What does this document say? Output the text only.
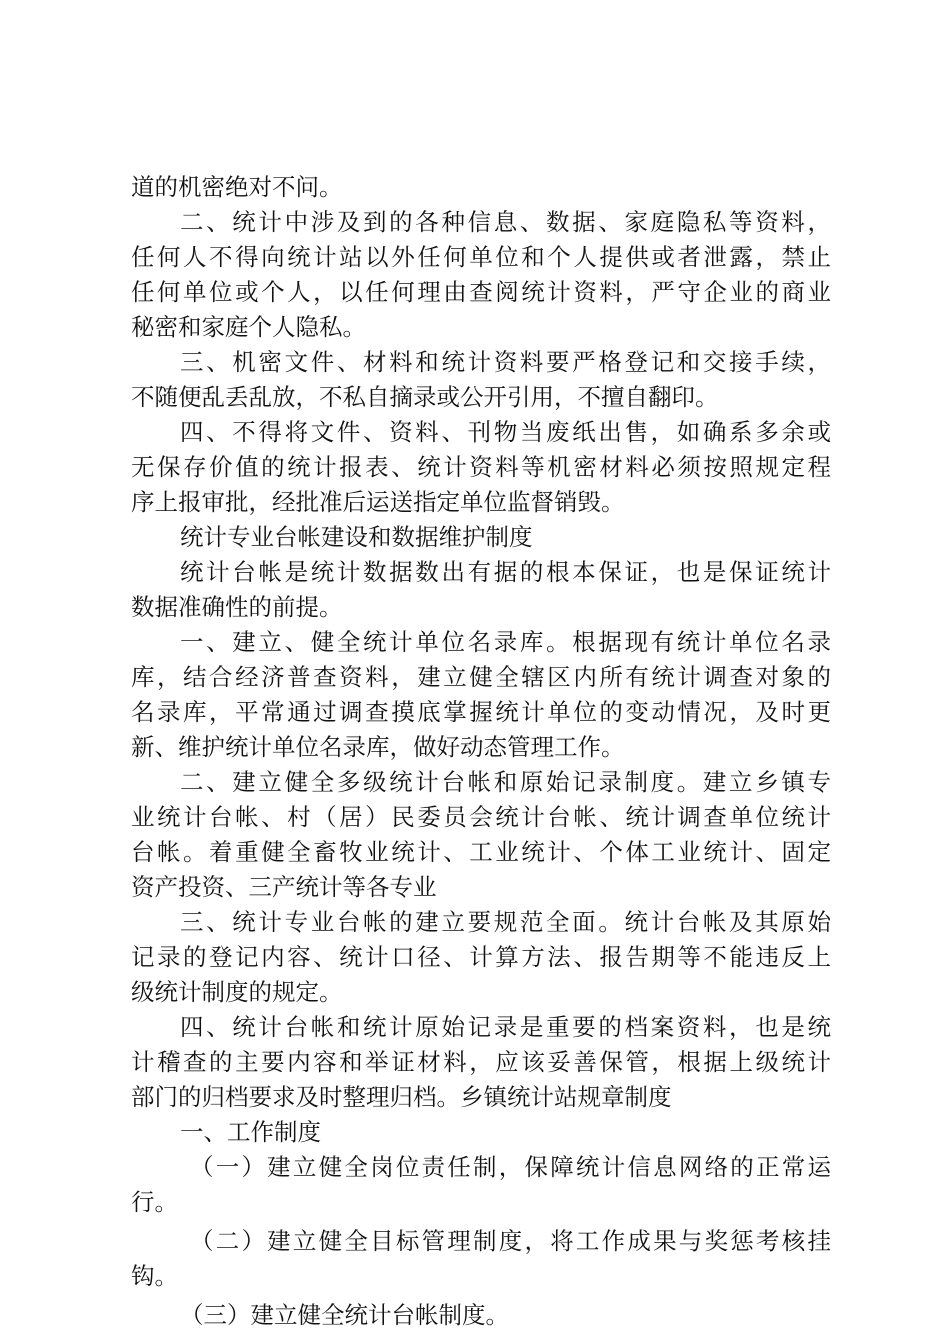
道的机密绝对不问。
二、统计中涉及到的各种信息、数据、家庭隐私等资料，
任何人不得向统计站以外任何单位和个人提供或者泄露，禁止
任何单位或个人，以任何理由查阅统计资料，严守企业的商业
秘密和家庭个人隐私。
三、机密文件、材料和统计资料要严格登记和交接手续，
不随便乱丢乱放，不私自摘录或公开引用，不擅自翻印。
四、不得将文件、资料、刊物当废纸出售，如确系多余或
无保存价值的统计报表、统计资料等机密材料必须按照规定程
序上报审批，经批准后运送指定单位监督销毁。
统计专业台帐建设和数据维护制度
统计台帐是统计数据数出有据的根本保证，也是保证统计
数据准确性的前提。
一、建立、健全统计单位名录库。根据现有统计单位名录
库，结合经济普查资料，建立健全辖区内所有统计调查对象的
名录库，平常通过调查摸底掌握统计单位的变动情况，及时更
新、维护统计单位名录库，做好动态管理工作。
二、建立健全多级统计台帐和原始记录制度。建立乡镇专
业统计台帐、村（居）民委员会统计台帐、统计调查单位统计
台帐。着重健全畜牧业统计、工业统计、个体工业统计、固定
资产投资、三产统计等各专业
三、统计专业台帐的建立要规范全面。统计台帐及其原始
记录的登记内容、统计口径、计算方法、报告期等不能违反上
级统计制度的规定。
四、统计台帐和统计原始记录是重要的档案资料，也是统
计稽查的主要内容和举证材料，应该妥善保管，根据上级统计
部门的归档要求及时整理归档。乡镇统计站规章制度
一、工作制度
（一）建立健全岗位责任制，保障统计信息网络的正常运
行。
（二）建立健全目标管理制度，将工作成果与奖惩考核挂
钩。
（三）建立健全统计台帐制度。
